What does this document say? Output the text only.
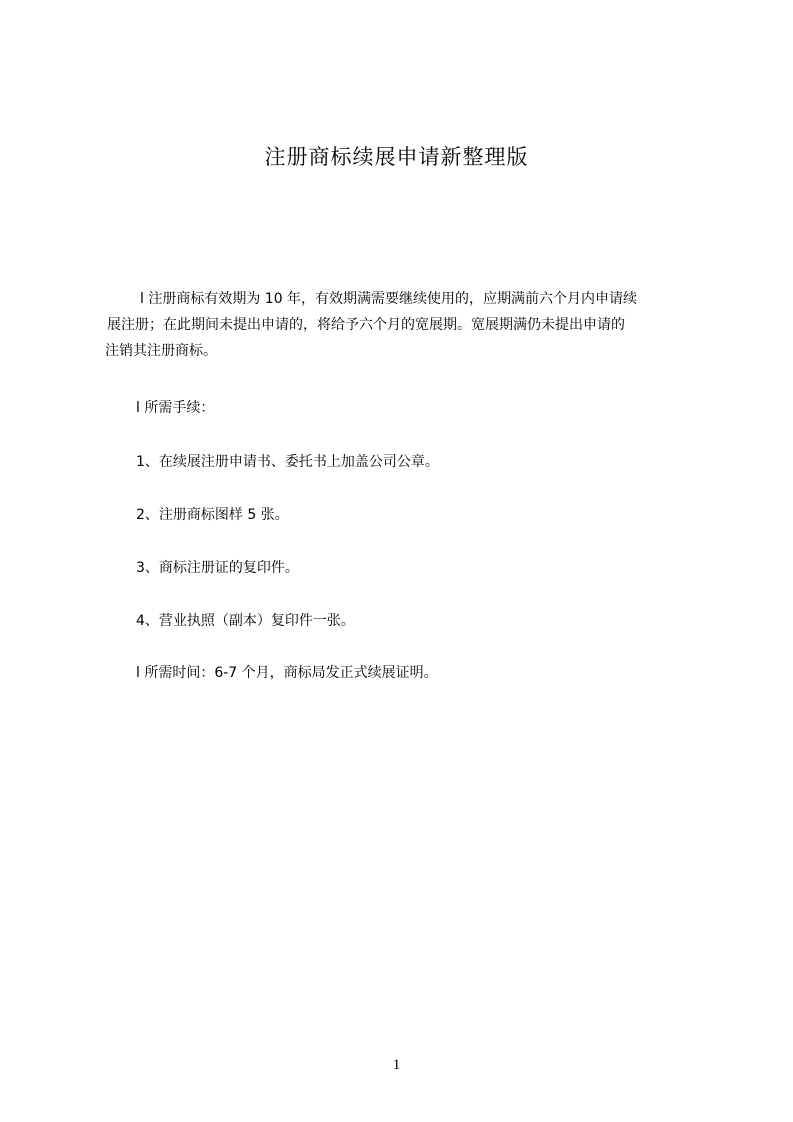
注册商标续展申请新整理版
l 注册商标有效期为 10 年，有效期满需要继续使用的，应期满前六个月内申请续
展注册；在此期间未提出申请的，将给予六个月的宽展期。宽展期满仍未提出申请的
注销其注册商标。
l 所需手续：
1、在续展注册申请书、委托书上加盖公司公章。
2、注册商标图样 5 张。
3、商标注册证的复印件。
4、营业执照（副本）复印件一张。
l 所需时间：6-7 个月，商标局发正式续展证明。
1
